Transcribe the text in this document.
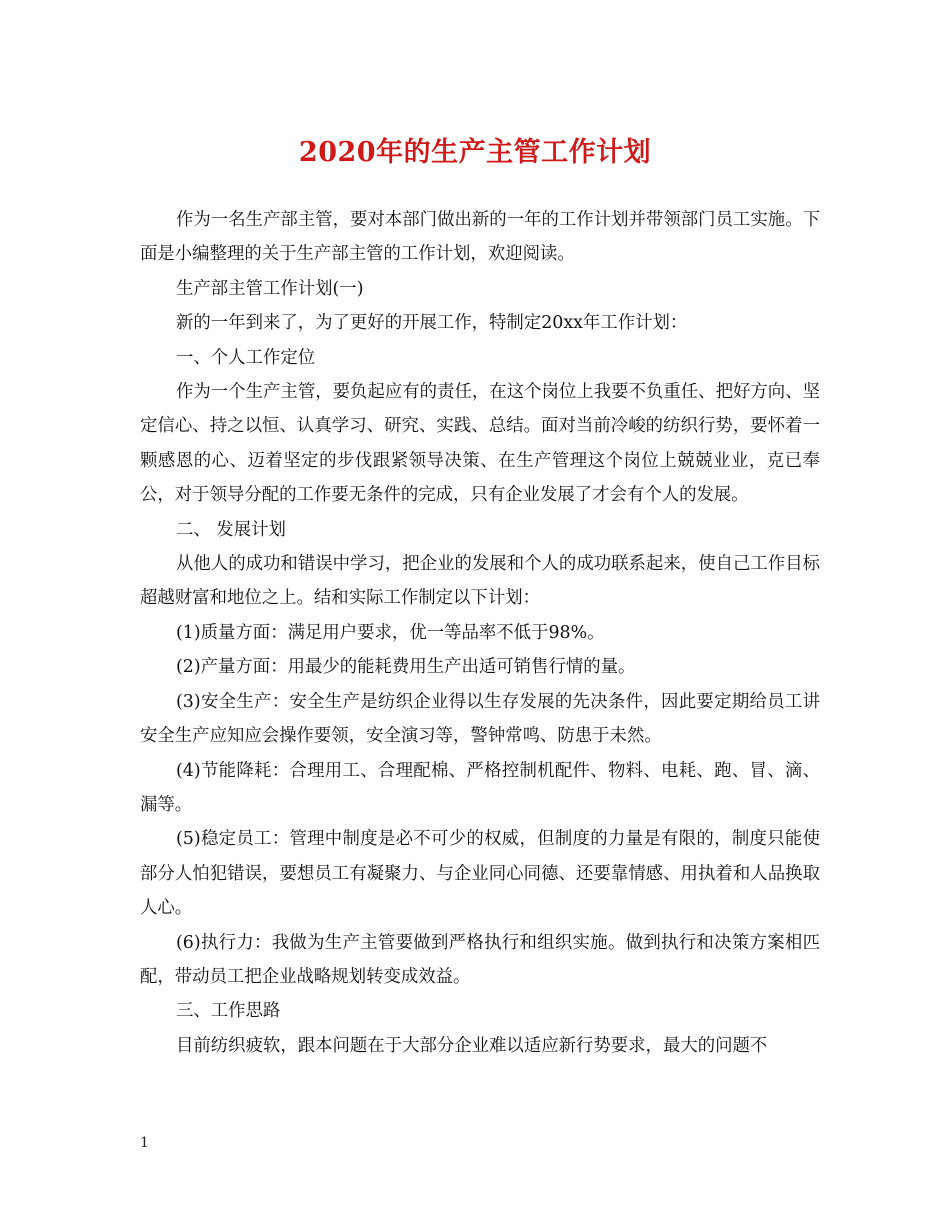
2020年的生产主管工作计划

作为一名生产部主管，要对本部门做出新的一年的工作计划并带领部门员工实施。下面是小编整理的关于生产部主管的工作计划，欢迎阅读。

生产部主管工作计划(一)

新的一年到来了，为了更好的开展工作，特制定20xx年工作计划：

一、个人工作定位

作为一个生产主管，要负起应有的责任，在这个岗位上我要不负重任、把好方向、坚定信心、持之以恒、认真学习、研究、实践、总结。面对当前冷峻的纺织行势，要怀着一颗感恩的心、迈着坚定的步伐跟紧领导决策、在生产管理这个岗位上兢兢业业，克已奉公，对于领导分配的工作要无条件的完成，只有企业发展了才会有个人的发展。

二、 发展计划

从他人的成功和错误中学习，把企业的发展和个人的成功联系起来，使自己工作目标超越财富和地位之上。结和实际工作制定以下计划：

(1)质量方面：满足用户要求，优一等品率不低于98%。

(2)产量方面：用最少的能耗费用生产出适可销售行情的量。

(3)安全生产：安全生产是纺织企业得以生存发展的先决条件，因此要定期给员工讲安全生产应知应会操作要领，安全演习等，警钟常鸣、防患于未然。

(4)节能降耗：合理用工、合理配棉、严格控制机配件、物料、电耗、跑、冒、滴、漏等。

(5)稳定员工：管理中制度是必不可少的权威，但制度的力量是有限的，制度只能使部分人怕犯错误，要想员工有凝聚力、与企业同心同德、还要靠情感、用执着和人品换取人心。

(6)执行力：我做为生产主管要做到严格执行和组织实施。做到执行和决策方案相匹配，带动员工把企业战略规划转变成效益。

三、工作思路

目前纺织疲软，跟本问题在于大部分企业难以适应新行势要求，最大的问题不

1
